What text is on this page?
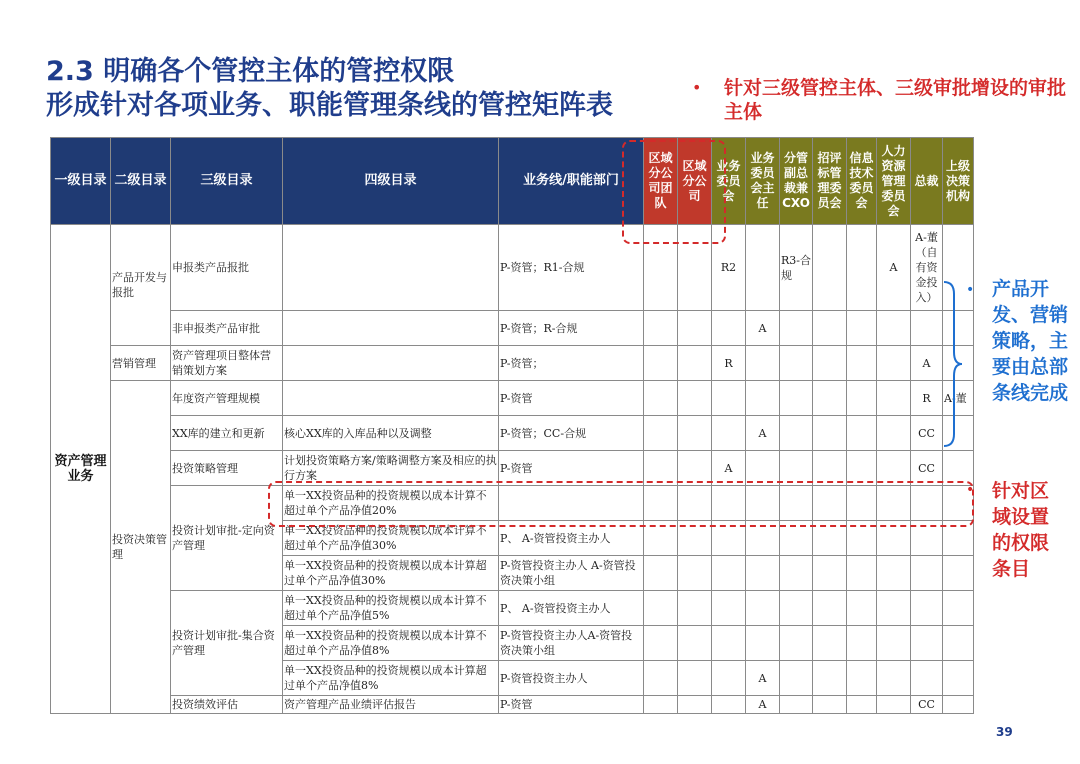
2.3 明确各个管控主体的管控权限
形成针对各项业务、职能管理条线的管控矩阵表
• 针对三级管控主体、三级审批增设的审批主体
一级目录	二级目录	三级目录	四级目录	业务线/职能部门	区域分公司团队	区域分公司	业务委员会	业务委员会主任	分管副总裁兼CXO	招评标管理委员会	信息技术委员会	人力资源管理委员会	总裁	上级决策机构
资产管理业务	产品开发与报批	申报类产品报批		P-资管；R1-合规			R2		R3-合规			A	A-董（自有资金投入）	
		非申报类产品审批		P-资管；R-合规				A						
	营销管理	资产管理项目整体营销策划方案		P-资管；			R						A	
	投资决策管理	年度资产管理规模		P-资管									R	A-董
		XX库的建立和更新	核心XX库的入库品种以及调整	P-资管；CC-合规				A					CC	
		投资策略管理	计划投资策略方案/策略调整方案及相应的执行方案	P-资管			A						CC	
		投资计划审批-定向资产管理	单一XX投资品种的投资规模以成本计算不超过单个产品净值20%											
			单一XX投资品种的投资规模以成本计算不超过单个产品净值30%	P、 A-资管投资主办人										
			单一XX投资品种的投资规模以成本计算超过单个产品净值30%	P-资管投资主办人 A-资管投资决策小组										
		投资计划审批-集合资产管理	单一XX投资品种的投资规模以成本计算不超过单个产品净值5%	P、 A-资管投资主办人										
			单一XX投资品种的投资规模以成本计算不超过单个产品净值8%	P-资管投资主办人A-资管投资决策小组										
			单一XX投资品种的投资规模以成本计算超过单个产品净值8%	P-资管投资主办人				A						
		投资绩效评估	资产管理产品业绩评估报告	P-资管				A					CC	
• 产品开发、营销策略，主要由总部条线完成
• 针对区域设置的权限条目
39
